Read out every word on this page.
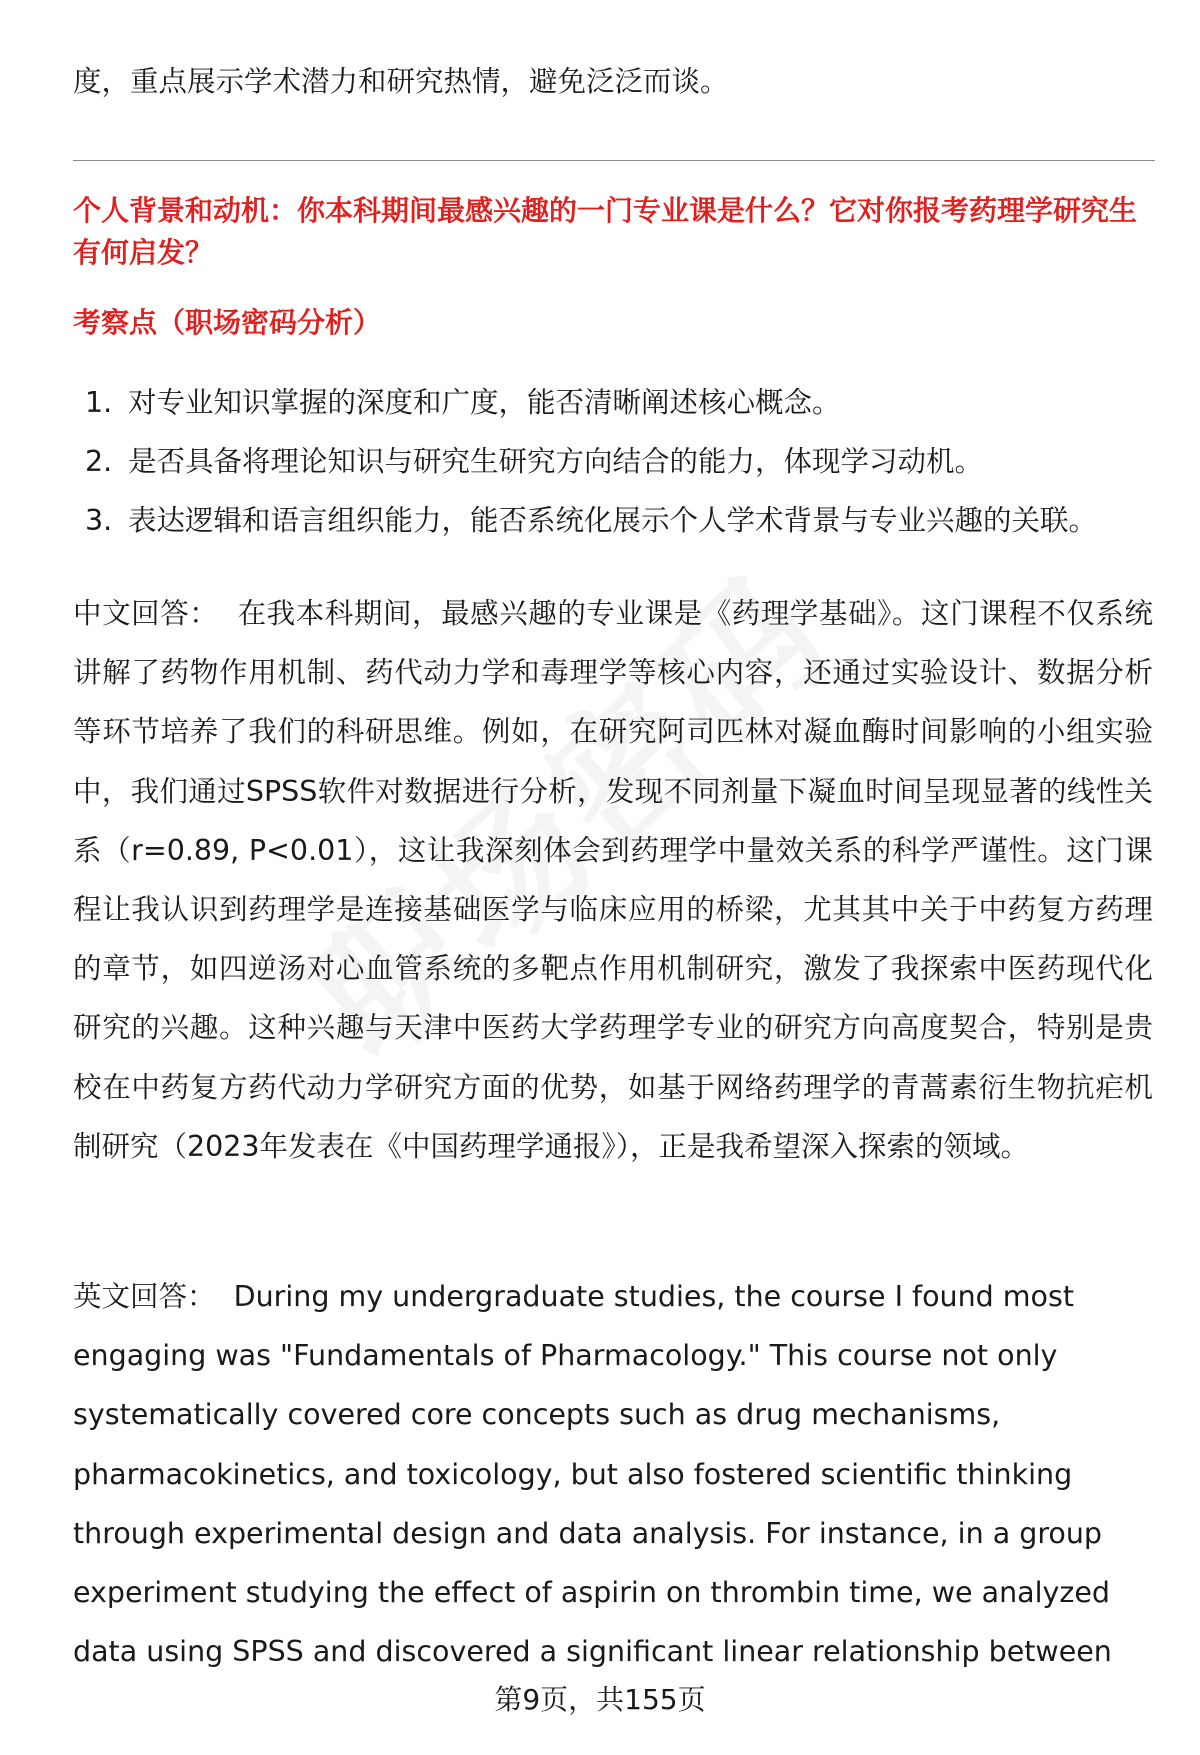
度，重点展示学术潜力和研究热情，避免泛泛而谈。

个人背景和动机：你本科期间最感兴趣的一门专业课是什么？它对你报考药理学研究生有何启发？

考察点（职场密码分析）

1. 对专业知识掌握的深度和广度，能否清晰阐述核心概念。
2. 是否具备将理论知识与研究生研究方向结合的能力，体现学习动机。
3. 表达逻辑和语言组织能力，能否系统化展示个人学术背景与专业兴趣的关联。

中文回答： 在我本科期间，最感兴趣的专业课是《药理学基础》。这门课程不仅系统讲解了药物作用机制、药代动力学和毒理学等核心内容，还通过实验设计、数据分析等环节培养了我们的科研思维。例如，在研究阿司匹林对凝血酶时间影响的小组实验中，我们通过SPSS软件对数据进行分析，发现不同剂量下凝血时间呈现显著的线性关系（r=0.89, P<0.01），这让我深刻体会到药理学中量效关系的科学严谨性。这门课程让我认识到药理学是连接基础医学与临床应用的桥梁，尤其其中关于中药复方药理的章节，如四逆汤对心血管系统的多靶点作用机制研究，激发了我探索中医药现代化研究的兴趣。这种兴趣与天津中医药大学药理学专业的研究方向高度契合，特别是贵校在中药复方药代动力学研究方面的优势，如基于网络药理学的青蒿素衍生物抗疟机制研究（2023年发表在《中国药理学通报》），正是我希望深入探索的领域。

英文回答： During my undergraduate studies, the course I found most engaging was "Fundamentals of Pharmacology." This course not only systematically covered core concepts such as drug mechanisms, pharmacokinetics, and toxicology, but also fostered scientific thinking through experimental design and data analysis. For instance, in a group experiment studying the effect of aspirin on thrombin time, we analyzed data using SPSS and discovered a significant linear relationship between

第9页，共155页
